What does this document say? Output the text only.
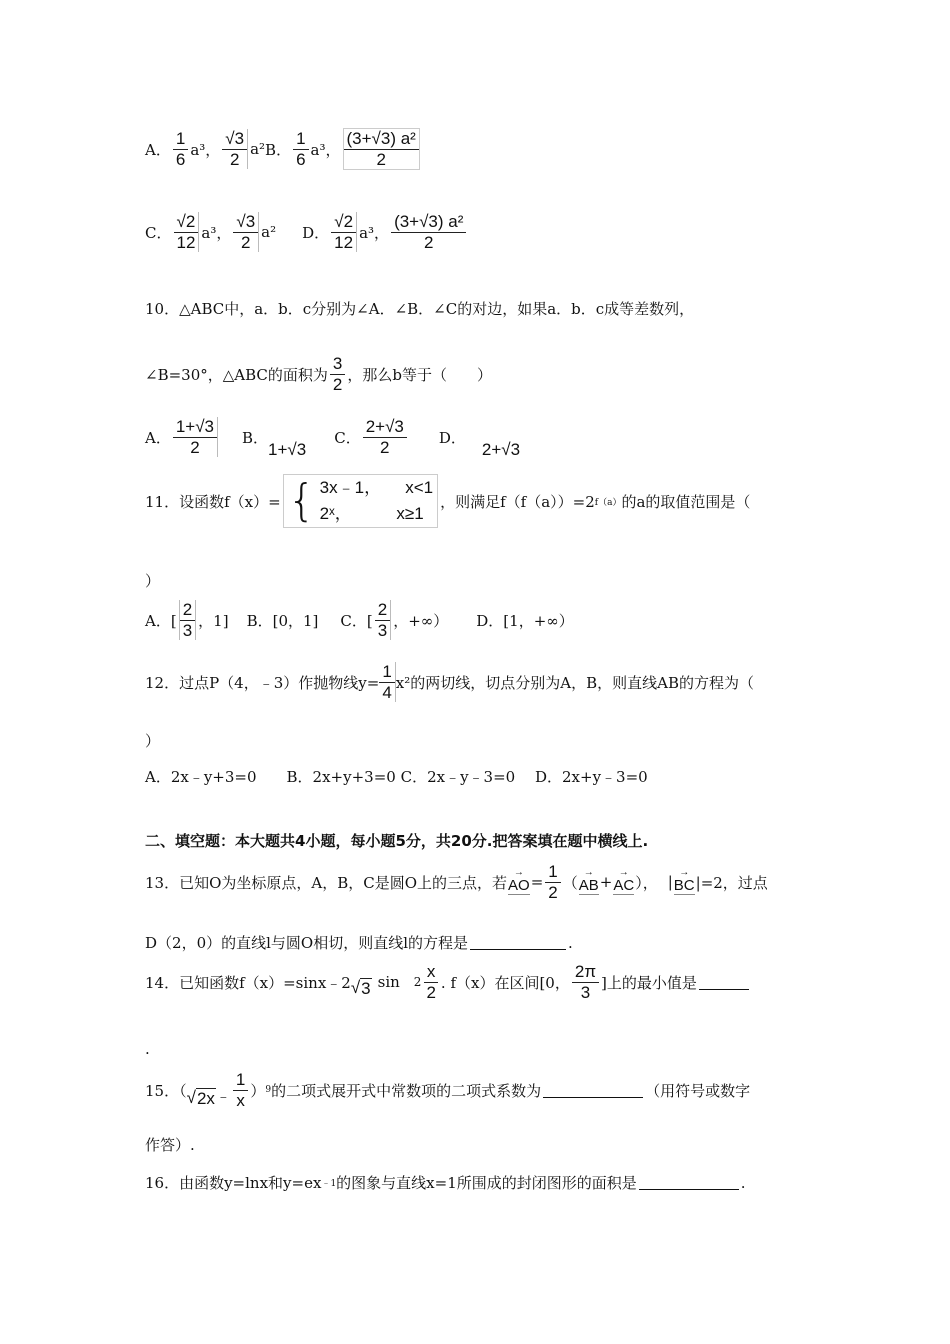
A． $\frac{1}{6} a^3$， $\frac{√3}{2} a^2$ B． $\frac{1}{6} a^3$， $\frac{\text{(3+√3) a²}}{2}$
C． $\frac{√2}{12} a^3$， $\frac{√3}{2} a^2$ D． $\frac{√2}{12} a^3$， $\frac{\text{(3+√3) a²}}{2}$
10．△ABC中，a．b．c分别为∠A．∠B．∠C的对边，如果a．b．c成等差数列，
∠B=30°，△ABC的面积为 $\frac{3}{2}$ ，那么b等于（　　）
A． $\frac{1+√3}{2}$ B．
1+√3
C． $\frac{2+√3}{2}$ D．
2+√3
11．设函数f（x）= { 3x﹣1， x<1
2ˣ，	x≥1
，则满足f（f（a））=2 f（a） 的a的取值范围是（
）
A．[ $\frac{2}{3}$ ，1] B．[0，1] C．[ $\frac{2}{3}$ ，+∞） D．[1，+∞）
12．过点P（4，﹣3）作抛物线$y= \frac{1}{4} x^2$的两切线，切点分别为A，B，则直线AB的方程为（
）
A．2x﹣y+3=0　　B．2x+y+3=0 C．2x﹣y﹣3=0　 D．2x+y﹣3=0
二、填空题：本大题共4小题，每小题5分，共20分.把答案填在题中横线上.
13．已知O为坐标原点，A，B，C是圆O上的三点，若
→
AO = $\frac{1}{2}$ （
→
AB +
→
AC ）， |
→
BC |=2，过点
D（2，0）的直线l与圆O相切，则直线l的方程是	.
14．已知函数f（x）=sinx﹣2 √ 3 $\sin 2 \frac{x}{2}$ . f（x）在区间[0， $\frac{2\pi}{3}$ ]上的最小值是
.
15．（ √ 2x ﹣ $\frac{1}{x}$ ） 9 的二项式展开式中常数项的二项式系数为	（用符号或数字
作答）.
16．由函数y=lnx和y=ex ﹣1 的图象与直线x=1所围成的封闭图形的面积是	.
